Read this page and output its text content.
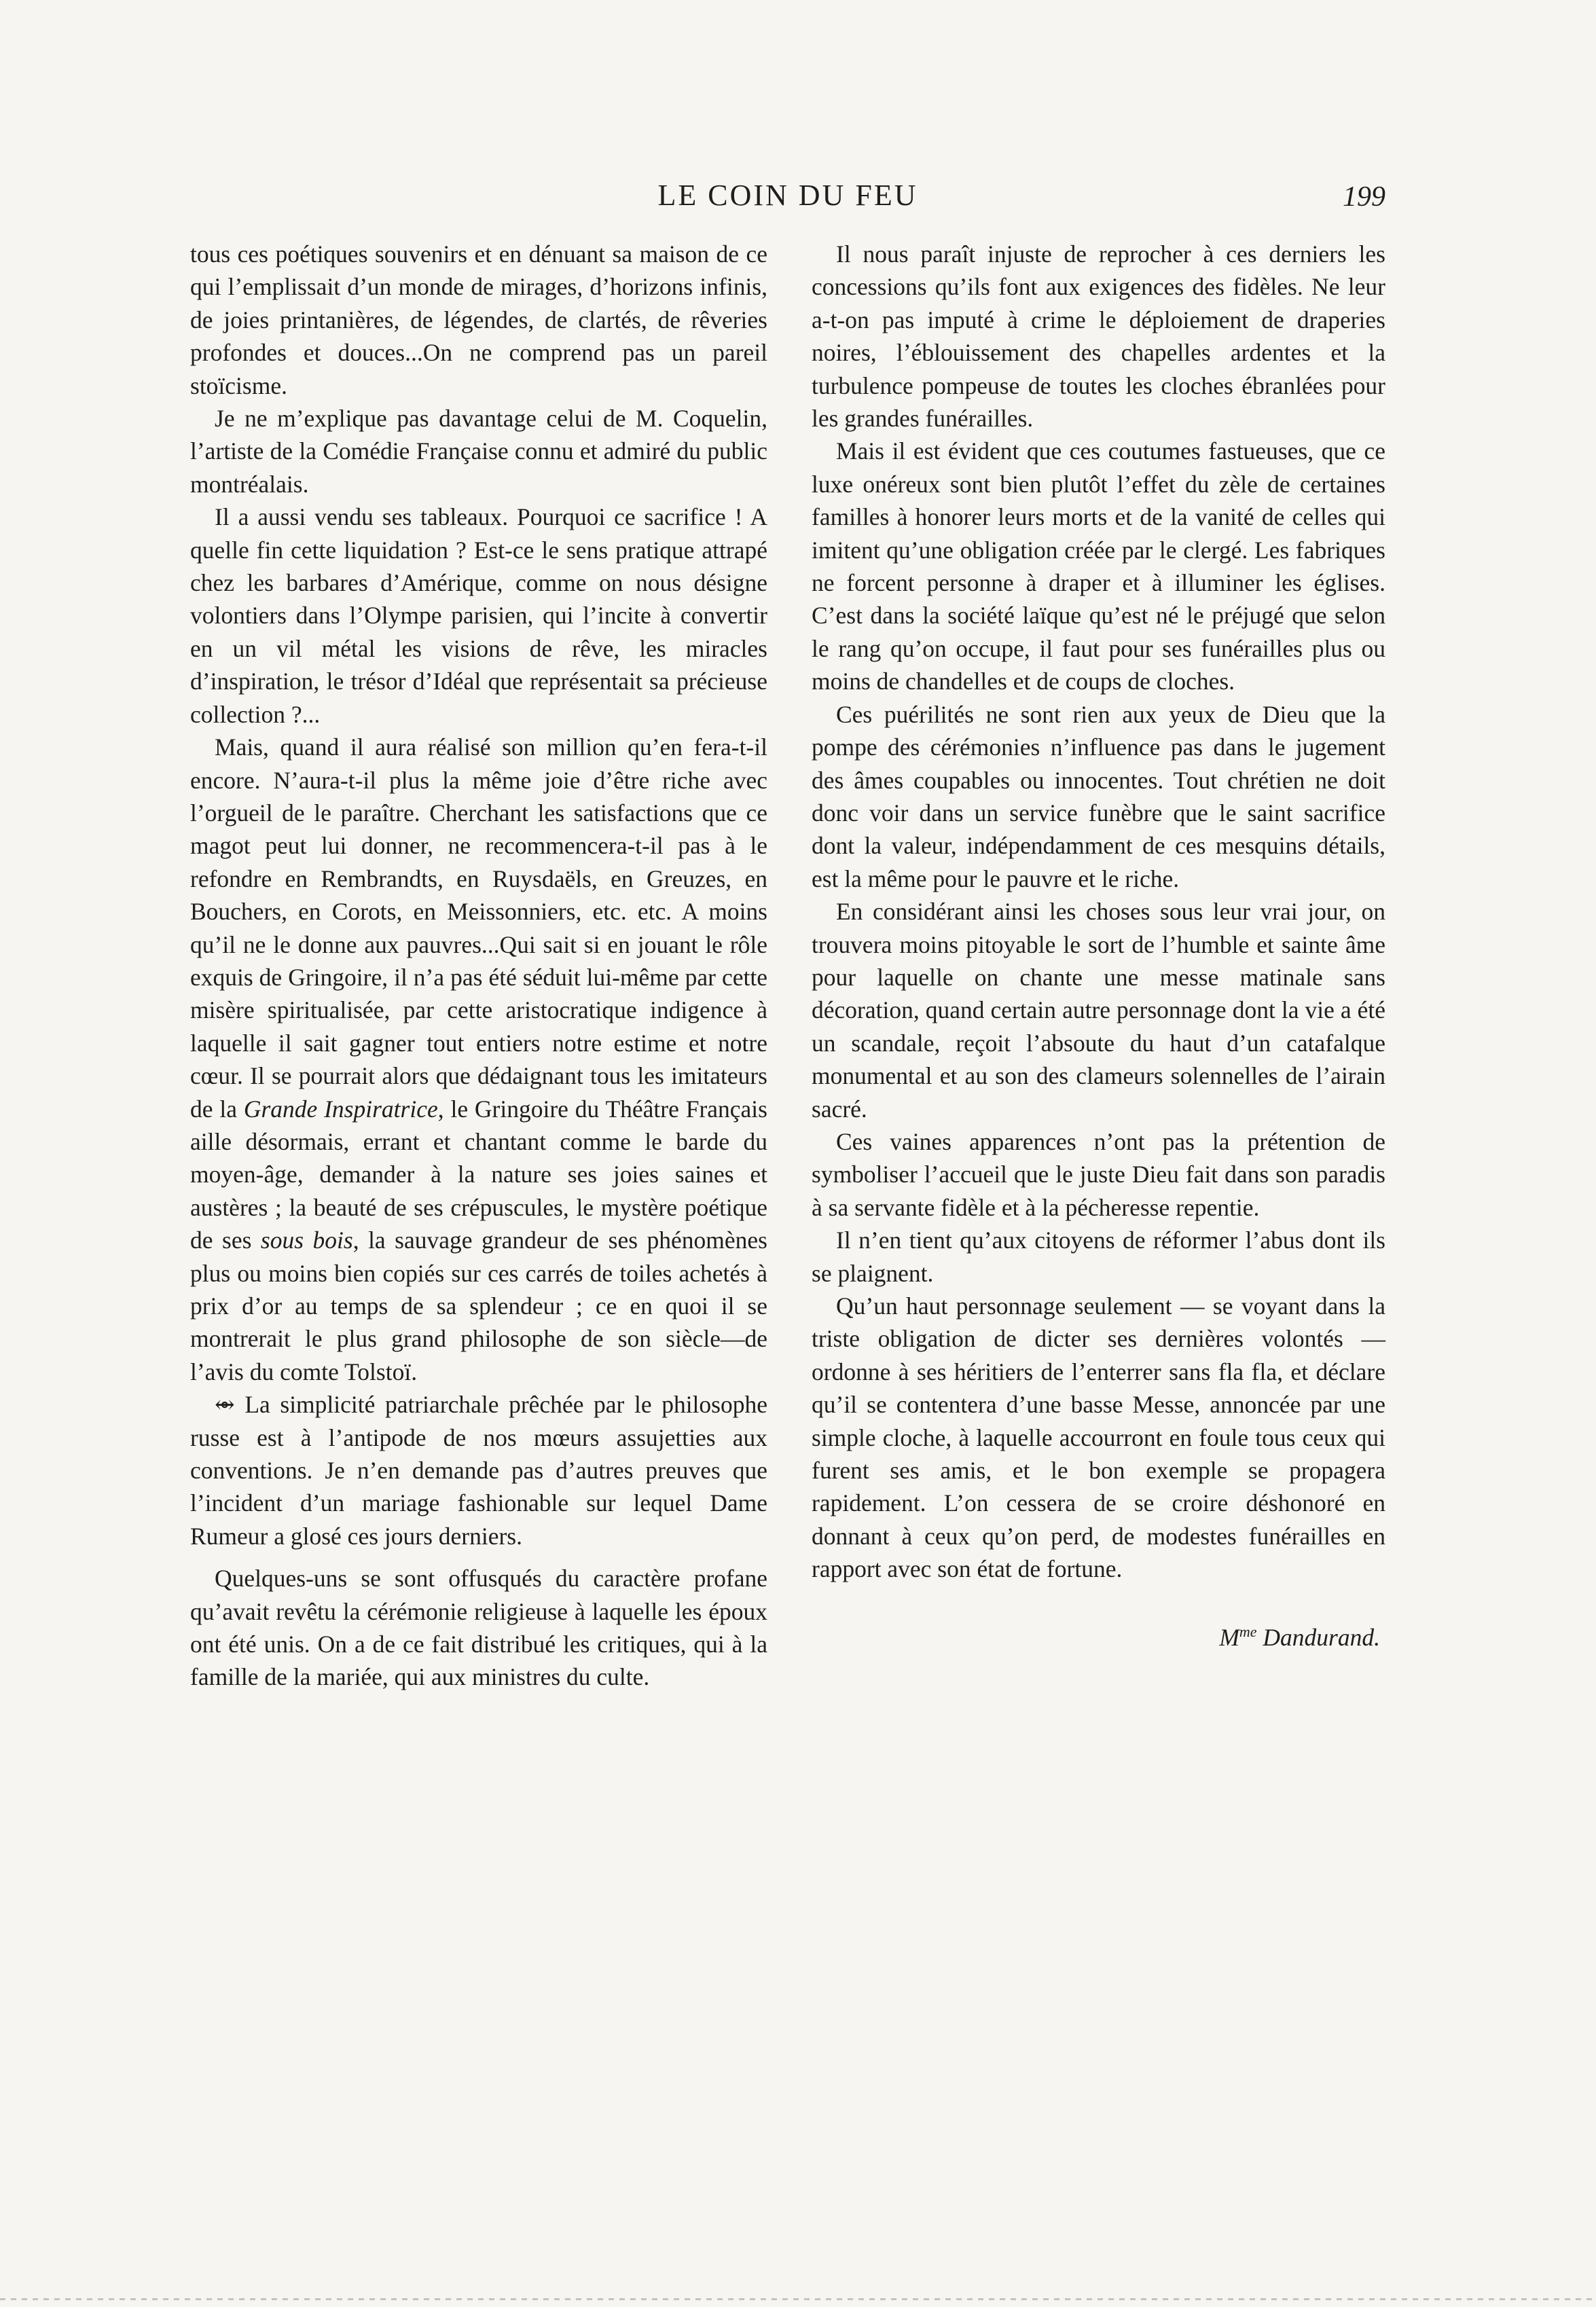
LE COIN DU FEU	199

tous ces poétiques souvenirs et en dénuant sa maison de ce qui l’emplissait d’un monde de mirages, d’horizons infinis, de joies printanières, de légendes, de clartés, de rêveries profondes et douces...On ne comprend pas un pareil stoïcisme.

Je ne m’explique pas davantage celui de M. Coquelin, l’artiste de la Comédie Française connu et admiré du public montréalais.

Il a aussi vendu ses tableaux. Pourquoi ce sacrifice ! A quelle fin cette liquidation ? Est-ce le sens pratique attrapé chez les barbares d’Amérique, comme on nous désigne volontiers dans l’Olympe parisien, qui l’incite à convertir en un vil métal les visions de rêve, les miracles d’inspiration, le trésor d’Idéal que représentait sa précieuse collection ?...

Mais, quand il aura réalisé son million qu’en fera-t-il encore. N’aura-t-il plus la même joie d’être riche avec l’orgueil de le paraître. Cherchant les satisfactions que ce magot peut lui donner, ne recommencera-t-il pas à le refondre en Rembrandts, en Ruysdaëls, en Greuzes, en Bouchers, en Corots, en Meissonniers, etc. etc. A moins qu’il ne le donne aux pauvres...Qui sait si en jouant le rôle exquis de Gringoire, il n’a pas été séduit lui-même par cette misère spiritualisée, par cette aristocratique indigence à laquelle il sait gagner tout entiers notre estime et notre cœur. Il se pourrait alors que dédaignant tous les imitateurs de la Grande Inspiratrice, le Gringoire du Théâtre Français aille désormais, errant et chantant comme le barde du moyen-âge, demander à la nature ses joies saines et austères ; la beauté de ses crépuscules, le mystère poétique de ses sous bois, la sauvage grandeur de ses phénomènes plus ou moins bien copiés sur ces carrés de toiles achetés à prix d’or au temps de sa splendeur ; ce en quoi il se montrerait le plus grand philosophe de son siècle—de l’avis du comte Tolstoï.

⥈ La simplicité patriarchale prêchée par le philosophe russe est à l’antipode de nos mœurs assujetties aux conventions. Je n’en demande pas d’autres preuves que l’incident d’un mariage fashionable sur lequel Dame Rumeur a glosé ces jours derniers.

Quelques-uns se sont offusqués du caractère profane qu’avait revêtu la cérémonie religieuse à laquelle les époux ont été unis. On a de ce fait distribué les critiques, qui à la famille de la mariée, qui aux ministres du culte.

Il nous paraît injuste de reprocher à ces derniers les concessions qu’ils font aux exigences des fidèles. Ne leur a-t-on pas imputé à crime le déploiement de draperies noires, l’éblouissement des chapelles ardentes et la turbulence pompeuse de toutes les cloches ébranlées pour les grandes funérailles.

Mais il est évident que ces coutumes fastueuses, que ce luxe onéreux sont bien plutôt l’effet du zèle de certaines familles à honorer leurs morts et de la vanité de celles qui imitent qu’une obligation créée par le clergé. Les fabriques ne forcent personne à draper et à illuminer les églises. C’est dans la société laïque qu’est né le préjugé que selon le rang qu’on occupe, il faut pour ses funérailles plus ou moins de chandelles et de coups de cloches.

Ces puérilités ne sont rien aux yeux de Dieu que la pompe des cérémonies n’influence pas dans le jugement des âmes coupables ou innocentes. Tout chrétien ne doit donc voir dans un service funèbre que le saint sacrifice dont la valeur, indépendamment de ces mesquins détails, est la même pour le pauvre et le riche.

En considérant ainsi les choses sous leur vrai jour, on trouvera moins pitoyable le sort de l’humble et sainte âme pour laquelle on chante une messe matinale sans décoration, quand certain autre personnage dont la vie a été un scandale, reçoit l’absoute du haut d’un catafalque monumental et au son des clameurs solennelles de l’airain sacré.

Ces vaines apparences n’ont pas la prétention de symboliser l’accueil que le juste Dieu fait dans son paradis à sa servante fidèle et à la pécheresse repentie.

Il n’en tient qu’aux citoyens de réformer l’abus dont ils se plaignent.

Qu’un haut personnage seulement — se voyant dans la triste obligation de dicter ses dernières volontés — ordonne à ses héritiers de l’enterrer sans fla fla, et déclare qu’il se contentera d’une basse Messe, annoncée par une simple cloche, à laquelle accourront en foule tous ceux qui furent ses amis, et le bon exemple se propagera rapidement. L’on cessera de se croire déshonoré en donnant à ceux qu’on perd, de modestes funérailles en rapport avec son état de fortune.

$M^{me}$ Dandurand.
